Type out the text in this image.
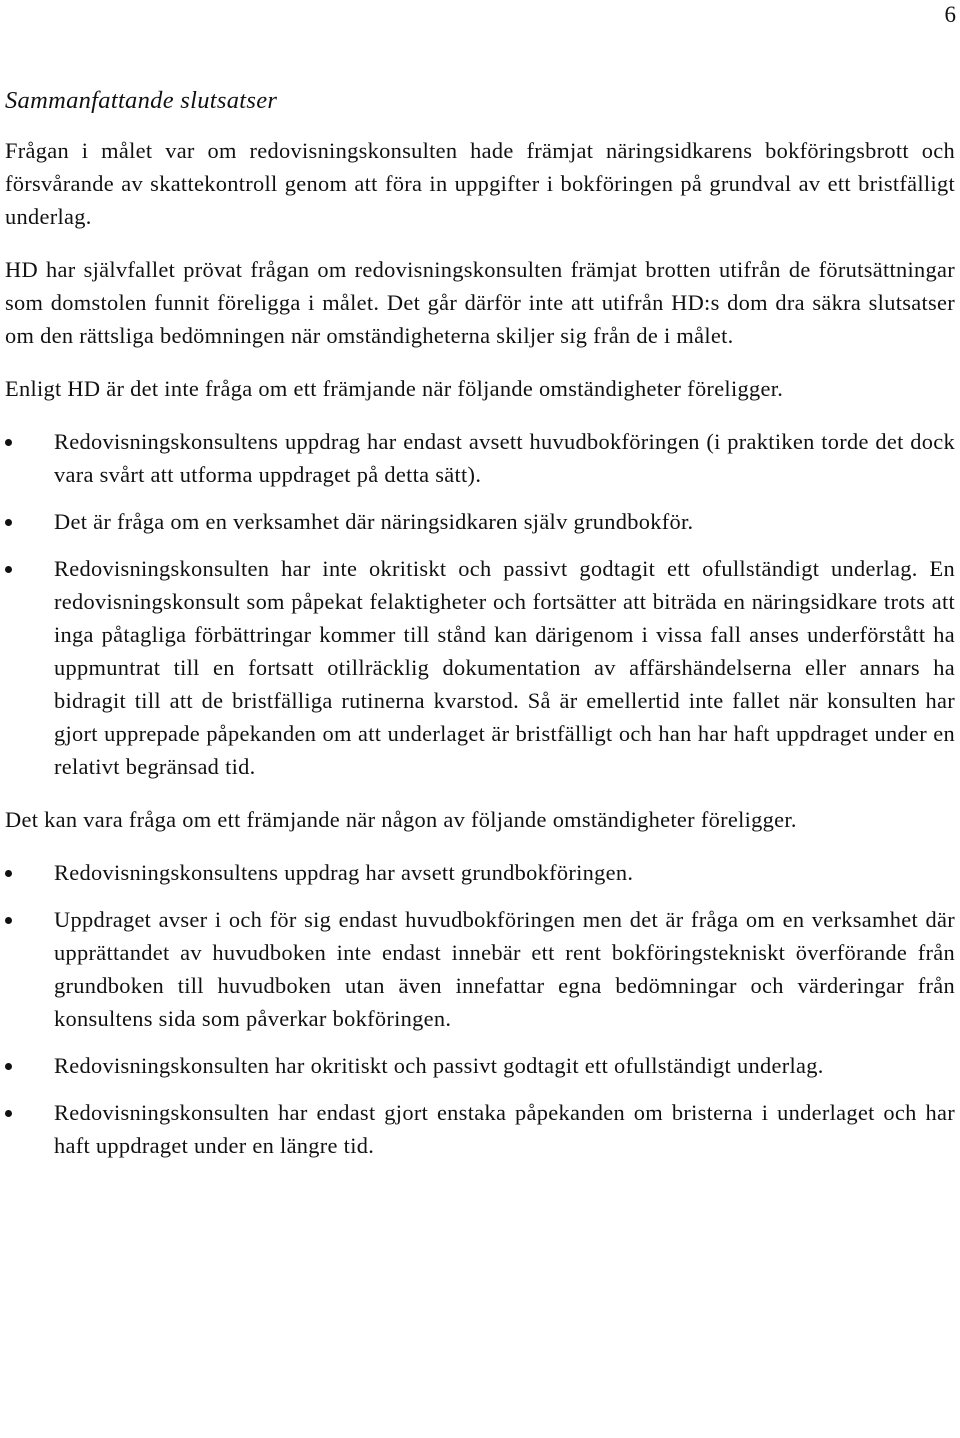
6
Sammanfattande slutsatser

Frågan i målet var om redovisningskonsulten hade främjat näringsidkarens bokföringsbrott och försvårande av skattekontroll genom att föra in uppgifter i bokföringen på grundval av ett bristfälligt underlag.

HD har självfallet prövat frågan om redovisningskonsulten främjat brotten utifrån de förutsättningar som domstolen funnit föreligga i målet. Det går därför inte att utifrån HD:s dom dra säkra slutsatser om den rättsliga bedömningen när omständigheterna skiljer sig från de i målet.

Enligt HD är det inte fråga om ett främjande när följande omständigheter föreligger.

Redovisningskonsultens uppdrag har endast avsett huvudbokföringen (i praktiken torde det dock vara svårt att utforma uppdraget på detta sätt).
Det är fråga om en verksamhet där näringsidkaren själv grundbokför.
Redovisningskonsulten har inte okritiskt och passivt godtagit ett ofullständigt underlag. En redovisningskonsult som påpekat felaktigheter och fortsätter att biträda en näringsidkare trots att inga påtagliga förbättringar kommer till stånd kan därigenom i vissa fall anses underförstått ha uppmuntrat till en fortsatt otillräcklig dokumentation av affärshändelserna eller annars ha bidragit till att de bristfälliga rutinerna kvarstod. Så är emellertid inte fallet när konsulten har gjort upprepade påpekanden om att underlaget är bristfälligt och han har haft uppdraget under en relativt begränsad tid.

Det kan vara fråga om ett främjande när någon av följande omständigheter föreligger.

Redovisningskonsultens uppdrag har avsett grundbokföringen.
Uppdraget avser i och för sig endast huvudbokföringen men det är fråga om en verksamhet där upprättandet av huvudboken inte endast innebär ett rent bokföringstekniskt överförande från grundboken till huvudboken utan även innefattar egna bedömningar och värderingar från konsultens sida som påverkar bokföringen.
Redovisningskonsulten har okritiskt och passivt godtagit ett ofullständigt underlag.
Redovisningskonsulten har endast gjort enstaka påpekanden om bristerna i underlaget och har haft uppdraget under en längre tid.
